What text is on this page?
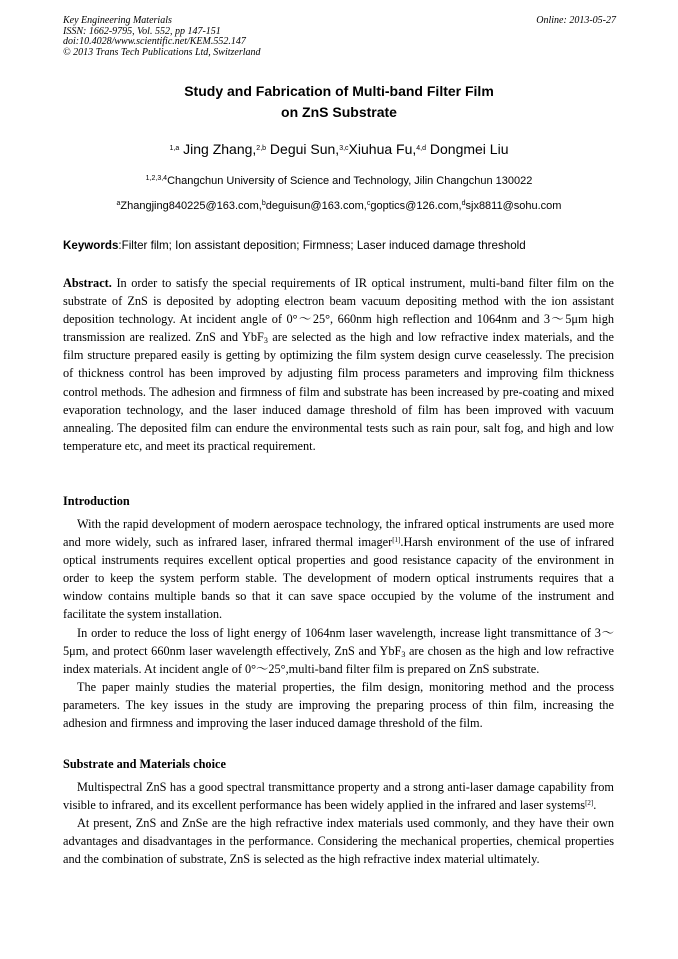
Key Engineering Materials
ISSN: 1662-9795, Vol. 552, pp 147-151
doi:10.4028/www.scientific.net/KEM.552.147
© 2013 Trans Tech Publications Ltd, Switzerland
Online: 2013-05-27
Study and Fabrication of Multi-band Filter Film
on ZnS Substrate
$^{1,a}$ Jing Zhang,$^{2,b}$ Degui Sun,$^{3,c}$Xiuhua Fu,$^{4,d}$ Dongmei Liu
$^{1,2,3,4}$Changchun University of Science and Technology, Jilin Changchun 130022
$^a$Zhangjing840225@163.com,$^b$deguisun@163.com,$^c$goptics@126.com,$^d$sjx8811@sohu.com
Keywords:Filter film; Ion assistant deposition; Firmness; Laser induced damage threshold

Abstract. In order to satisfy the special requirements of IR optical instrument, multi-band filter film on the substrate of ZnS is deposited by adopting electron beam vacuum depositing method with the ion assistant deposition technology. At incident angle of 0°～25°, 660nm high reflection and 1064nm and 3～5μm high transmission are realized. ZnS and YbF$_3$ are selected as the high and low refractive index materials, and the film structure prepared easily is getting by optimizing the film system design curve ceaselessly. The precision of thickness control has been improved by adjusting film process parameters and improving film thickness control methods. The adhesion and firmness of film and substrate has been increased by pre-coating and mixed evaporation technology, and the laser induced damage threshold of film has been improved with vacuum annealing. The deposited film can endure the environmental tests such as rain pour, salt fog, and high and low temperature etc, and meet its practical requirement.

Introduction

With the rapid development of modern aerospace technology, the infrared optical instruments are used more and more widely, such as infrared laser, infrared thermal imager[1].Harsh environment of the use of infrared optical instruments requires excellent optical properties and good resistance capacity of the environment in order to keep the system perform stable. The development of modern optical instruments requires that a window contains multiple bands so that it can save space occupied by the volume of the instrument and facilitate the system installation.

In order to reduce the loss of light energy of 1064nm laser wavelength, increase light transmittance of 3～5μm, and protect 660nm laser wavelength effectively, ZnS and YbF$_3$ are chosen as the high and low refractive index materials. At incident angle of 0°～25°,multi-band filter film is prepared on ZnS substrate.

The paper mainly studies the material properties, the film design, monitoring method and the process parameters. The key issues in the study are improving the preparing process of thin film, increasing the adhesion and firmness and improving the laser induced damage threshold of the film.

Substrate and Materials choice

Multispectral ZnS has a good spectral transmittance property and a strong anti-laser damage capability from visible to infrared, and its excellent performance has been widely applied in the infrared and laser systems[2].

At present, ZnS and ZnSe are the high refractive index materials used commonly, and they have their own advantages and disadvantages in the performance. Considering the mechanical properties, chemical properties and the combination of substrate, ZnS is selected as the high refractive index material ultimately.
